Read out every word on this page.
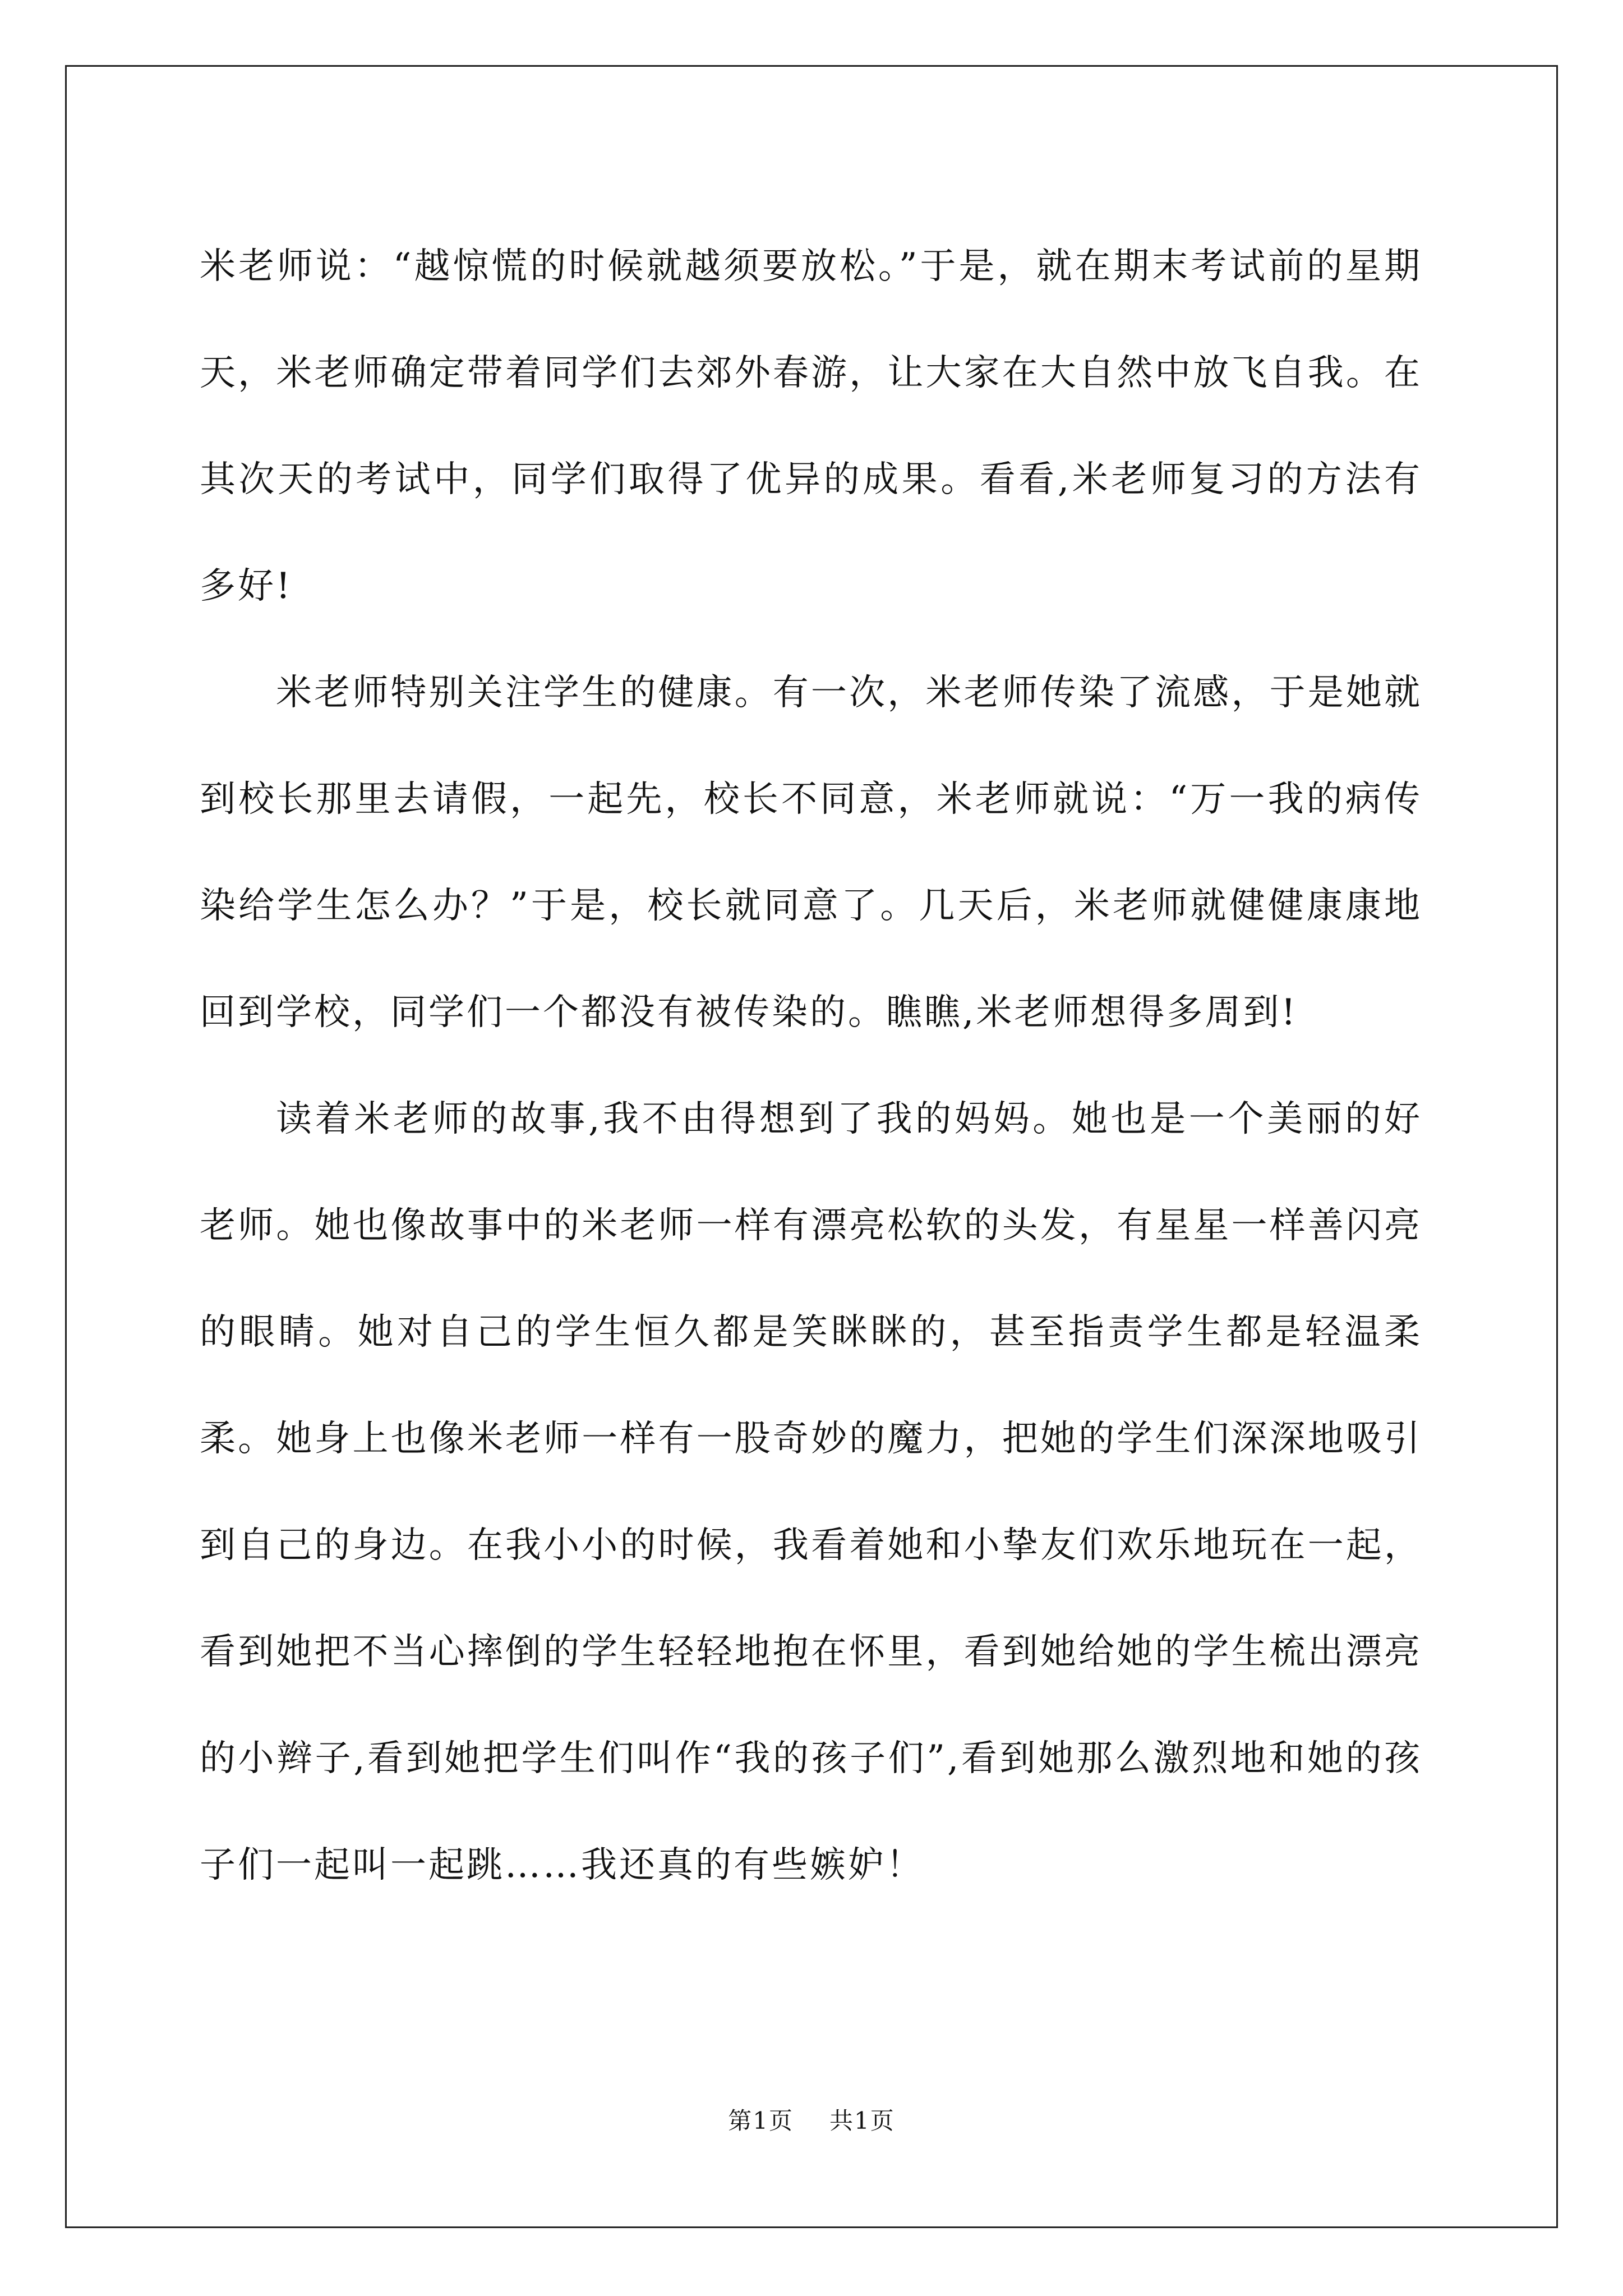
米老师说：“越惊慌的时候就越须要放松。”于是，就在期末考试前的星期天，米老师确定带着同学们去郊外春游，让大家在大自然中放飞自我。在其次天的考试中，同学们取得了优异的成果。看看,米老师复习的方法有多好!

米老师特别关注学生的健康。有一次，米老师传染了流感，于是她就到校长那里去请假，一起先，校长不同意，米老师就说：“万一我的病传染给学生怎么办？”于是，校长就同意了。几天后，米老师就健健康康地回到学校，同学们一个都没有被传染的。瞧瞧,米老师想得多周到!

读着米老师的故事,我不由得想到了我的妈妈。她也是一个美丽的好老师。她也像故事中的米老师一样有漂亮松软的头发，有星星一样善闪亮的眼睛。她对自己的学生恒久都是笑眯眯的，甚至指责学生都是轻温柔柔。她身上也像米老师一样有一股奇妙的魔力，把她的学生们深深地吸引到自己的身边。在我小小的时候，我看着她和小挚友们欢乐地玩在一起，看到她把不当心摔倒的学生轻轻地抱在怀里，看到她给她的学生梳出漂亮的小辫子,看到她把学生们叫作“我的孩子们”,看到她那么激烈地和她的孩子们一起叫一起跳……我还真的有些嫉妒！

第1页 共1页
